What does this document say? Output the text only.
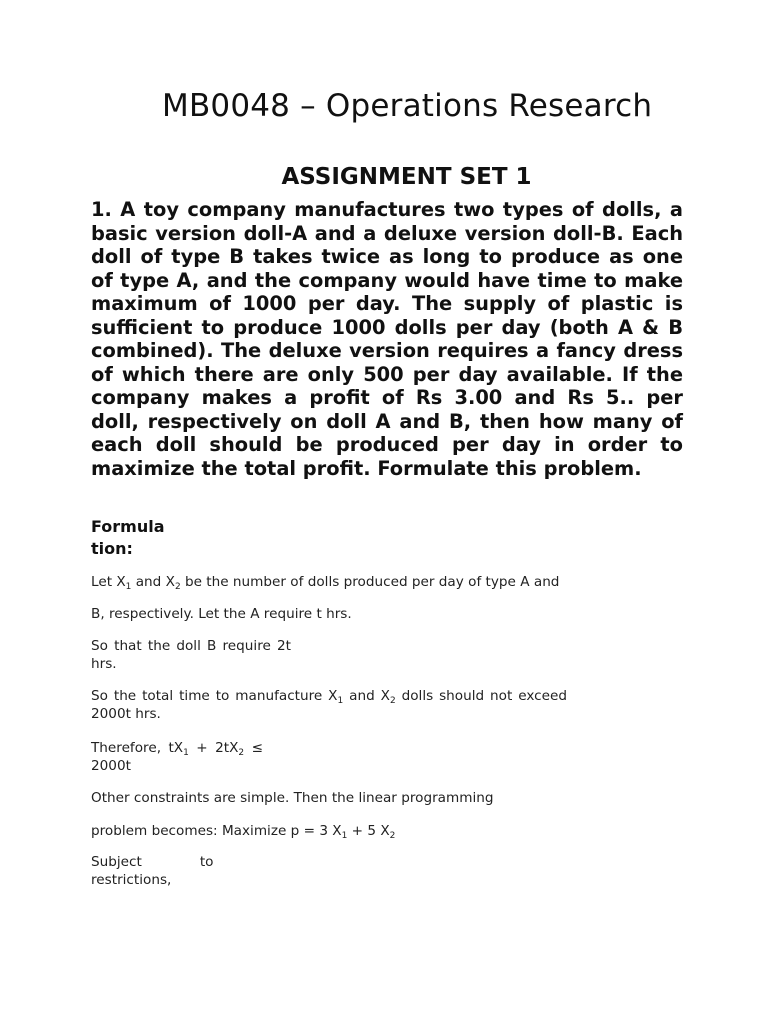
MB0048 – Operations Research
ASSIGNMENT SET 1

1. A toy company manufactures two types of dolls, a basic version doll-A and a deluxe version doll-B. Each doll of type B takes twice as long to produce as one of type A, and the company would have time to make maximum of 1000 per day. The supply of plastic is sufficient to produce 1000 dolls per day (both A & B combined). The deluxe version requires a fancy dress of which there are only 500 per day available. If the company makes a profit of Rs 3.00 and Rs 5.. per doll, respectively on doll A and B, then how many of each doll should be produced per day in order to maximize the total profit. Formulate this problem.

Formulation:

Let $X_1$ and $X_2$ be the number of dolls produced per day of type A and

B, respectively. Let the A require t hrs.

So that the doll B require 2t hrs.

So the total time to manufacture $X_1$ and $X_2$ dolls should not exceed 2000t hrs.

Therefore, $tX_1 + 2tX_2 \le 2000t$

Other constraints are simple. Then the linear programming

problem becomes: Maximize p = 3 $X_1 + 5$ $X_2$

Subject	to
restrictions,
